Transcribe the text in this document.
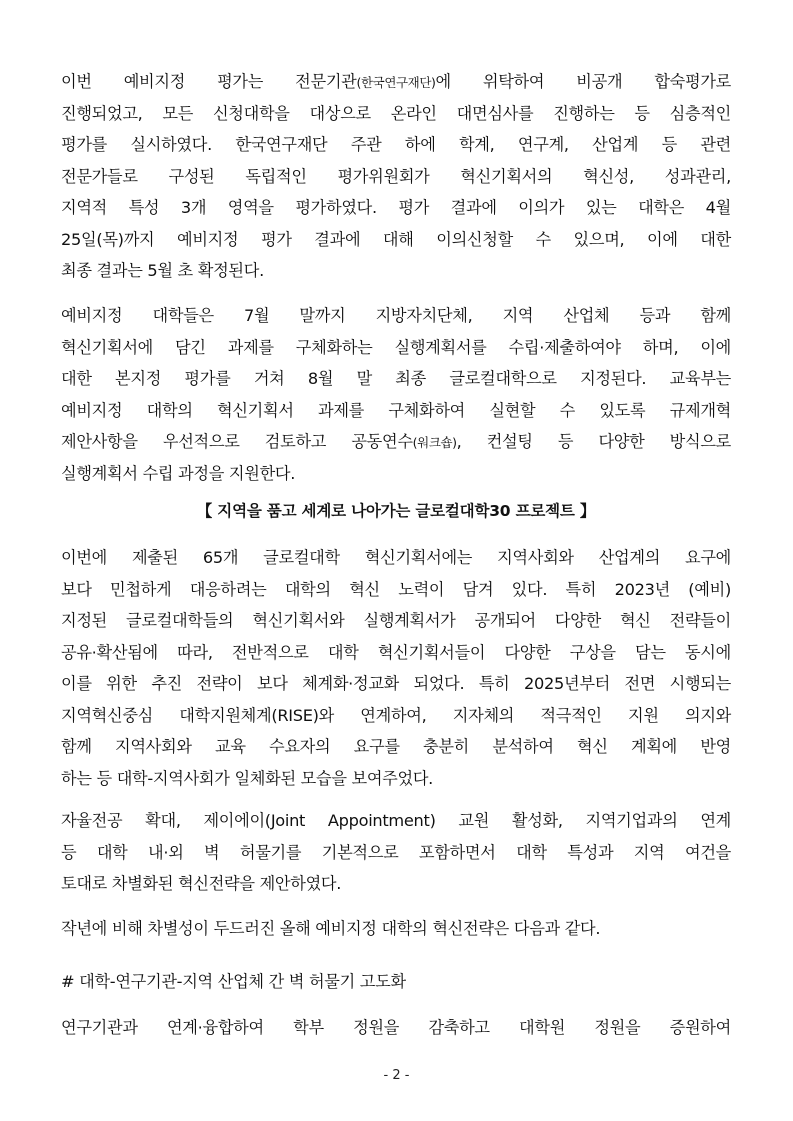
이번 예비지정 평가는 전문기관(한국연구재단)에 위탁하여 비공개 합숙평가로
진행되었고, 모든 신청대학을 대상으로 온라인 대면심사를 진행하는 등 심층적인
평가를 실시하였다. 한국연구재단 주관 하에 학계, 연구계, 산업계 등 관련
전문가들로 구성된 독립적인 평가위원회가 혁신기획서의 혁신성, 성과관리,
지역적 특성 3개 영역을 평가하였다. 평가 결과에 이의가 있는 대학은 4월
25일(목)까지 예비지정 평가 결과에 대해 이의신청할 수 있으며, 이에 대한
최종 결과는 5월 초 확정된다.
예비지정 대학들은 7월 말까지 지방자치단체, 지역 산업체 등과 함께
혁신기획서에 담긴 과제를 구체화하는 실행계획서를 수립·제출하여야 하며, 이에
대한 본지정 평가를 거쳐 8월 말 최종 글로컬대학으로 지정된다. 교육부는
예비지정 대학의 혁신기획서 과제를 구체화하여 실현할 수 있도록 규제개혁
제안사항을 우선적으로 검토하고 공동연수(워크숍), 컨설팅 등 다양한 방식으로
실행계획서 수립 과정을 지원한다.
【 지역을 품고 세계로 나아가는 글로컬대학30 프로젝트 】
이번에 제출된 65개 글로컬대학 혁신기획서에는 지역사회와 산업계의 요구에
보다 민첩하게 대응하려는 대학의 혁신 노력이 담겨 있다. 특히 2023년 (예비)
지정된 글로컬대학들의 혁신기획서와 실행계획서가 공개되어 다양한 혁신 전략들이
공유·확산됨에 따라, 전반적으로 대학 혁신기획서들이 다양한 구상을 담는 동시에
이를 위한 추진 전략이 보다 체계화·정교화 되었다. 특히 2025년부터 전면 시행되는
지역혁신중심 대학지원체계(RISE)와 연계하여, 지자체의 적극적인 지원 의지와
함께 지역사회와 교육 수요자의 요구를 충분히 분석하여 혁신 계획에 반영
하는 등 대학-지역사회가 일체화된 모습을 보여주었다.
자율전공 확대, 제이에이(Joint Appointment) 교원 활성화, 지역기업과의 연계
등 대학 내·외 벽 허물기를 기본적으로 포함하면서 대학 특성과 지역 여건을
토대로 차별화된 혁신전략을 제안하였다.
작년에 비해 차별성이 두드러진 올해 예비지정 대학의 혁신전략은 다음과 같다.
# 대학-연구기관-지역 산업체 간 벽 허물기 고도화
연구기관과 연계·융합하여 학부 정원을 감축하고 대학원 정원을 증원하여
- 2 -
